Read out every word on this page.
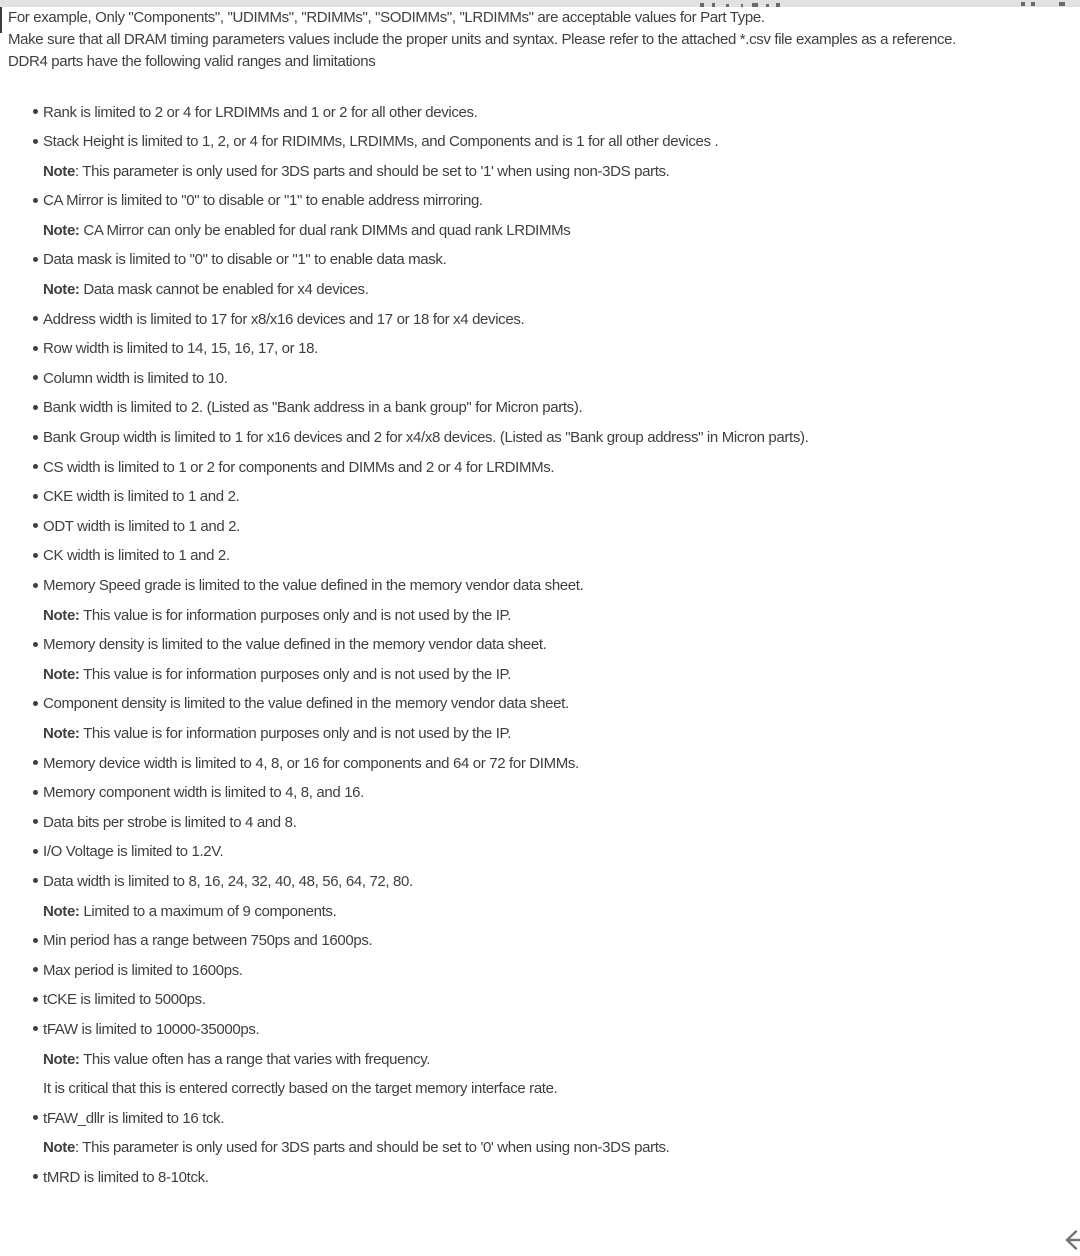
For example, Only "Components", "UDIMMs", "RDIMMs", "SODIMMs", "LRDIMMs" are acceptable values for Part Type.

Make sure that all DRAM timing parameters values include the proper units and syntax. Please refer to the attached *.csv file examples as a reference.

DDR4 parts have the following valid ranges and limitations

Rank is limited to 2 or 4 for LRDIMMs and 1 or 2 for all other devices.
Stack Height is limited to 1, 2, or 4 for RIDIMMs, LRDIMMs, and Components and is 1 for all other devices .
Note: This parameter is only used for 3DS parts and should be set to '1' when using non-3DS parts.
CA Mirror is limited to "0" to disable or "1" to enable address mirroring.
Note: CA Mirror can only be enabled for dual rank DIMMs and quad rank LRDIMMs
Data mask is limited to "0" to disable or "1" to enable data mask.
Note: Data mask cannot be enabled for x4 devices.
Address width is limited to 17 for x8/x16 devices and 17 or 18 for x4 devices.
Row width is limited to 14, 15, 16, 17, or 18.
Column width is limited to 10.
Bank width is limited to 2. (Listed as "Bank address in a bank group" for Micron parts).
Bank Group width is limited to 1 for x16 devices and 2 for x4/x8 devices. (Listed as "Bank group address" in Micron parts).
CS width is limited to 1 or 2 for components and DIMMs and 2 or 4 for LRDIMMs.
CKE width is limited to 1 and 2.
ODT width is limited to 1 and 2.
CK width is limited to 1 and 2.
Memory Speed grade is limited to the value defined in the memory vendor data sheet.
Note: This value is for information purposes only and is not used by the IP.
Memory density is limited to the value defined in the memory vendor data sheet.
Note: This value is for information purposes only and is not used by the IP.
Component density is limited to the value defined in the memory vendor data sheet.
Note: This value is for information purposes only and is not used by the IP.
Memory device width is limited to 4, 8, or 16 for components and 64 or 72 for DIMMs.
Memory component width is limited to 4, 8, and 16.
Data bits per strobe is limited to 4 and 8.
I/O Voltage is limited to 1.2V.
Data width is limited to 8, 16, 24, 32, 40, 48, 56, 64, 72, 80.
Note: Limited to a maximum of 9 components.
Min period has a range between 750ps and 1600ps.
Max period is limited to 1600ps.
tCKE is limited to 5000ps.
tFAW is limited to 10000-35000ps.
Note: This value often has a range that varies with frequency.
It is critical that this is entered correctly based on the target memory interface rate.
tFAW_dllr is limited to 16 tck.
Note: This parameter is only used for 3DS parts and should be set to '0' when using non-3DS parts.
tMRD is limited to 8-10tck.
